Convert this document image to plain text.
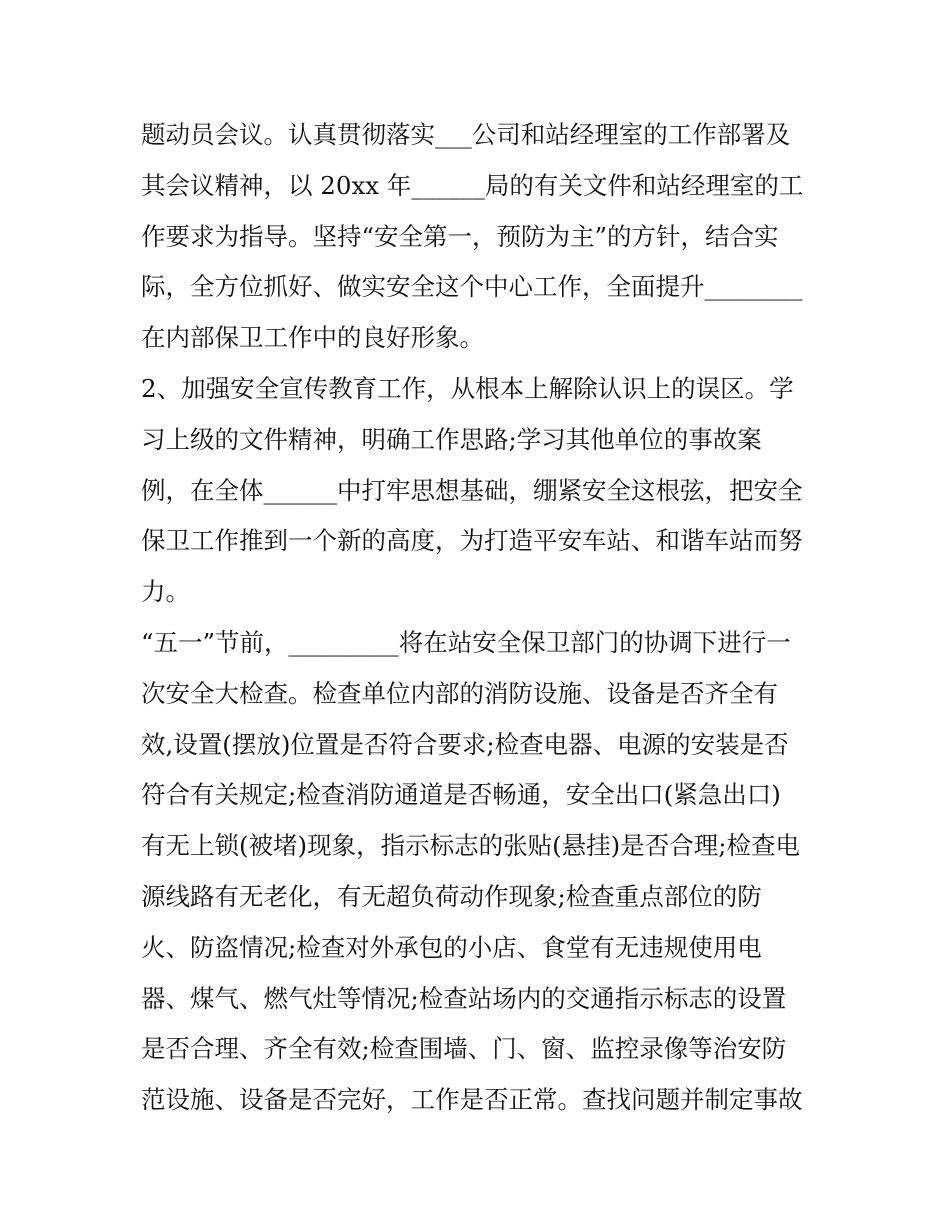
题动员会议。认真贯彻落实___公司和站经理室的工作部署及
其会议精神，以 20xx 年______局的有关文件和站经理室的工
作要求为指导。坚持“安全第一，预防为主”的方针，结合实
际，全方位抓好、做实安全这个中心工作，全面提升________
在内部保卫工作中的良好形象。
2、加强安全宣传教育工作，从根本上解除认识上的误区。学
习上级的文件精神，明确工作思路;学习其他单位的事故案
例，在全体______中打牢思想基础，绷紧安全这根弦，把安全
保卫工作推到一个新的高度，为打造平安车站、和谐车站而努
力。
“五一”节前，_________将在站安全保卫部门的协调下进行一
次安全大检查。检查单位内部的消防设施、设备是否齐全有
效,设置(摆放)位置是否符合要求;检查电器、电源的安装是否
符合有关规定;检查消防通道是否畅通，安全出口(紧急出口)
有无上锁(被堵)现象，指示标志的张贴(悬挂)是否合理;检查电
源线路有无老化，有无超负荷动作现象;检查重点部位的防
火、防盗情况;检查对外承包的小店、食堂有无违规使用电
器、煤气、燃气灶等情况;检查站场内的交通指示标志的设置
是否合理、齐全有效;检查围墙、门、窗、监控录像等治安防
范设施、设备是否完好，工作是否正常。查找问题并制定事故
